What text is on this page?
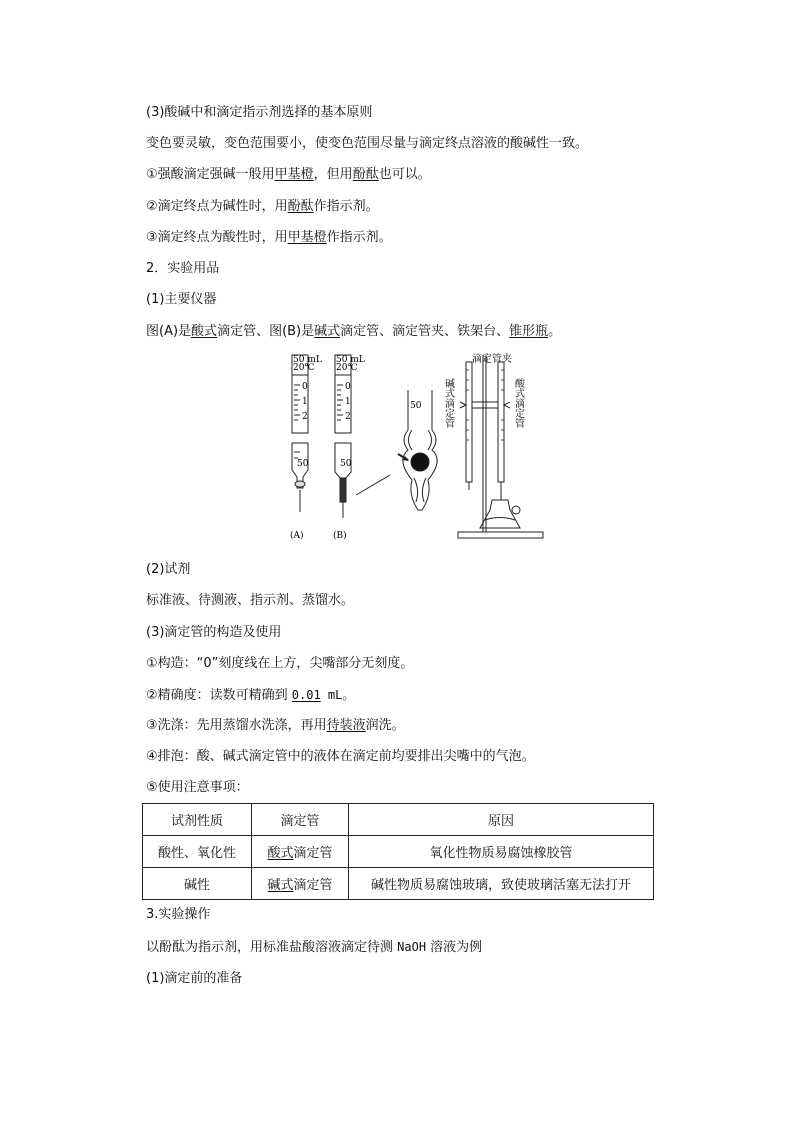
(3)酸碱中和滴定指示剂选择的基本原则
变色要灵敏，变色范围要小，使变色范围尽量与滴定终点溶液的酸碱性一致。
①强酸滴定强碱一般用甲基橙，但用酚酞也可以。
②滴定终点为碱性时，用酚酞作指示剂。
③滴定终点为酸性时，用甲基橙作指示剂。
2．实验用品
(1)主要仪器
图(A)是酸式滴定管、图(B)是碱式滴定管、滴定管夹、铁架台、锥形瓶。
50 mL
20℃
0
1
2
50
(A)
50 mL
20℃
0
1
2
50
(B)
50
滴定管夹
碱式滴定管	酸式滴定管
(2)试剂
标准液、待测液、指示剂、蒸馏水。
(3)滴定管的构造及使用
①构造：“0”刻度线在上方，尖嘴部分无刻度。
②精确度：读数可精确到 0.01 mL。
③洗涤：先用蒸馏水洗涤，再用待装液润洗。
④排泡：酸、碱式滴定管中的液体在滴定前均要排出尖嘴中的气泡。
⑤使用注意事项：
试剂性质	滴定管	原因
酸性、氧化性	酸式滴定管	氧化性物质易腐蚀橡胶管
碱性	碱式滴定管	碱性物质易腐蚀玻璃，致使玻璃活塞无法打开
3.实验操作
以酚酞为指示剂，用标准盐酸溶液滴定待测 NaOH 溶液为例
(1)滴定前的准备
